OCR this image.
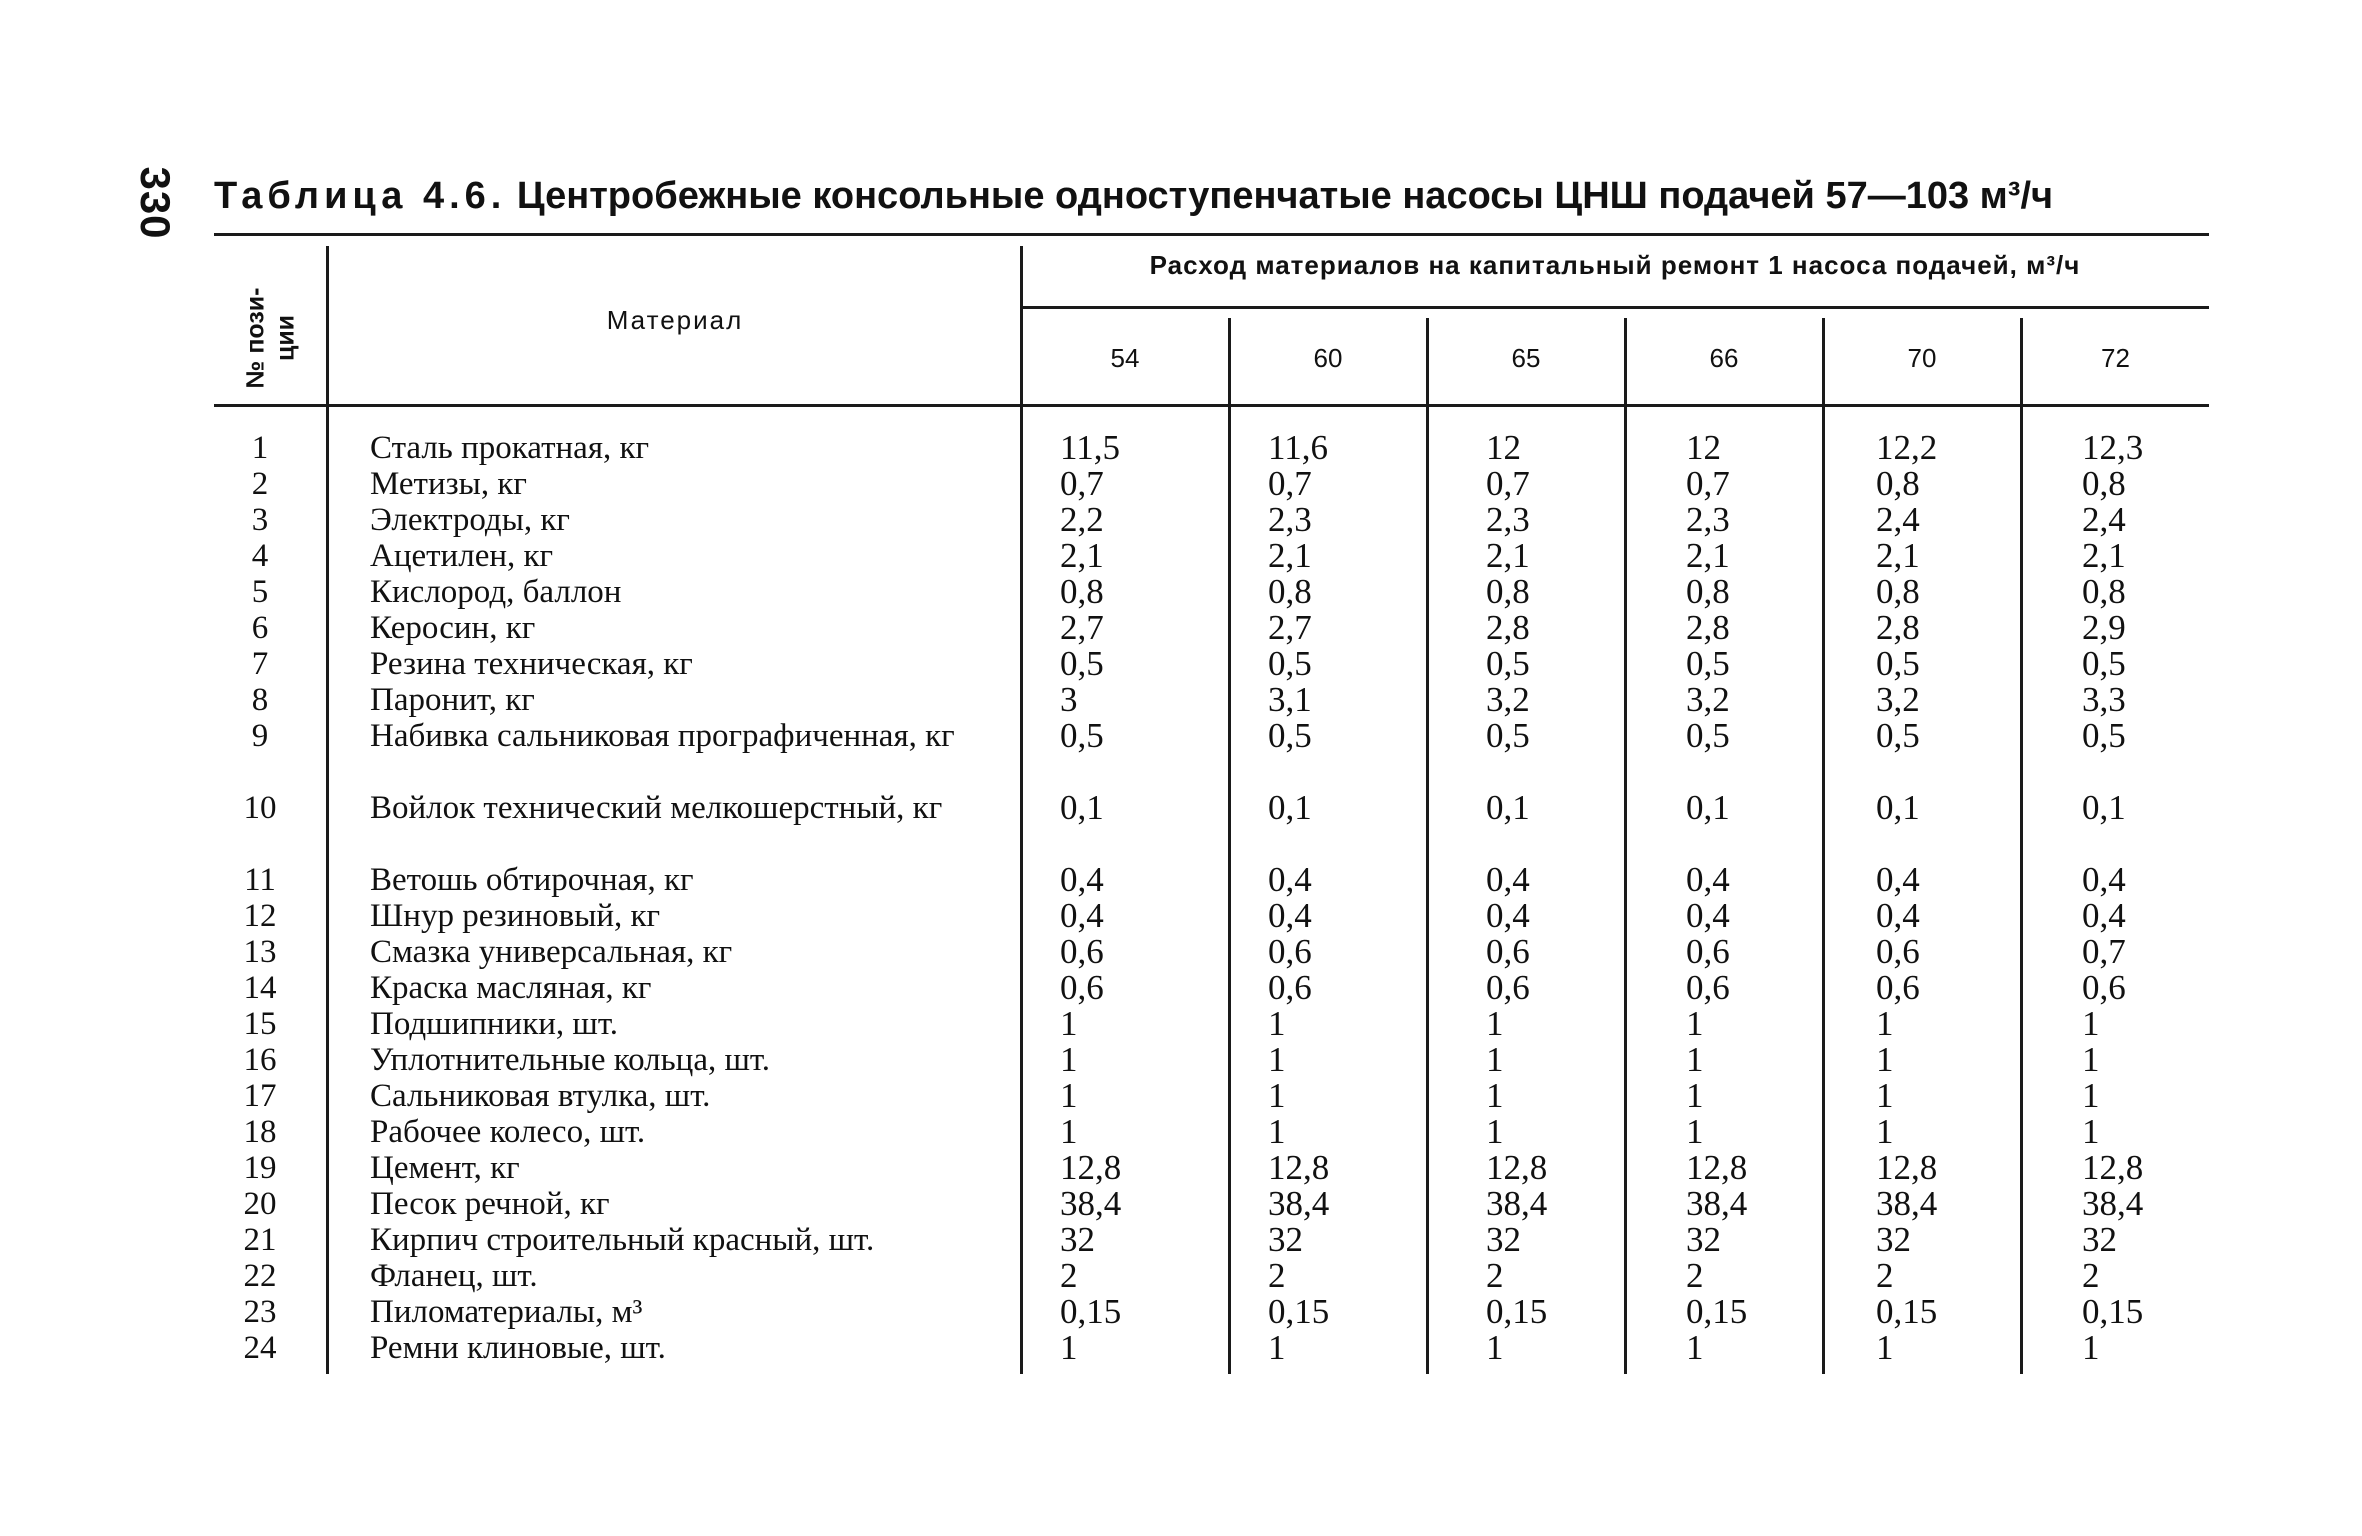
330 Таблица 4.6. Центробежные консольные одноступенчатые насосы ЦНШ подачей 57—103 м³/ч
№ пози-
ции	Материал
Расход материалов на капитальный ремонт 1 насоса подачей, м³/ч
54	60	65	66	70	72
1	Сталь прокатная, кг	11,5	11,6	12	12	12,2	12,3
2	Метизы, кг	0,7	0,7	0,7	0,7	0,8	0,8
3	Электроды, кг	2,2	2,3	2,3	2,3	2,4	2,4
4	Ацетилен, кг	2,1	2,1	2,1	2,1	2,1	2,1
5	Кислород, баллон	0,8	0,8	0,8	0,8	0,8	0,8
6	Керосин, кг	2,7	2,7	2,8	2,8	2,8	2,9
7	Резина техническая, кг	0,5	0,5	0,5	0,5	0,5	0,5
8	Паронит, кг	3	3,1	3,2	3,2	3,2	3,3
9	Набивка сальниковая прографиченная, кг	0,5	0,5	0,5	0,5	0,5	0,5
10	Войлок технический мелкошерстный, кг	0,1	0,1	0,1	0,1	0,1	0,1
11	Ветошь обтирочная, кг	0,4	0,4	0,4	0,4	0,4	0,4
12	Шнур резиновый, кг	0,4	0,4	0,4	0,4	0,4	0,4
13	Смазка универсальная, кг	0,6	0,6	0,6	0,6	0,6	0,7
14	Краска масляная, кг	0,6	0,6	0,6	0,6	0,6	0,6
15	Подшипники, шт.	1	1	1	1	1	1
16	Уплотнительные кольца, шт.	1	1	1	1	1	1
17	Сальниковая втулка, шт.	1	1	1	1	1	1
18	Рабочее колесо, шт.	1	1	1	1	1	1
19	Цемент, кг	12,8	12,8	12,8	12,8	12,8	12,8
20	Песок речной, кг	38,4	38,4	38,4	38,4	38,4	38,4
21	Кирпич строительный красный, шт.	32	32	32	32	32	32
22	Фланец, шт.	2	2	2	2	2	2
23	Пиломатериалы, м³	0,15	0,15	0,15	0,15	0,15	0,15
24	Ремни клиновые, шт.	1	1	1	1	1	1
